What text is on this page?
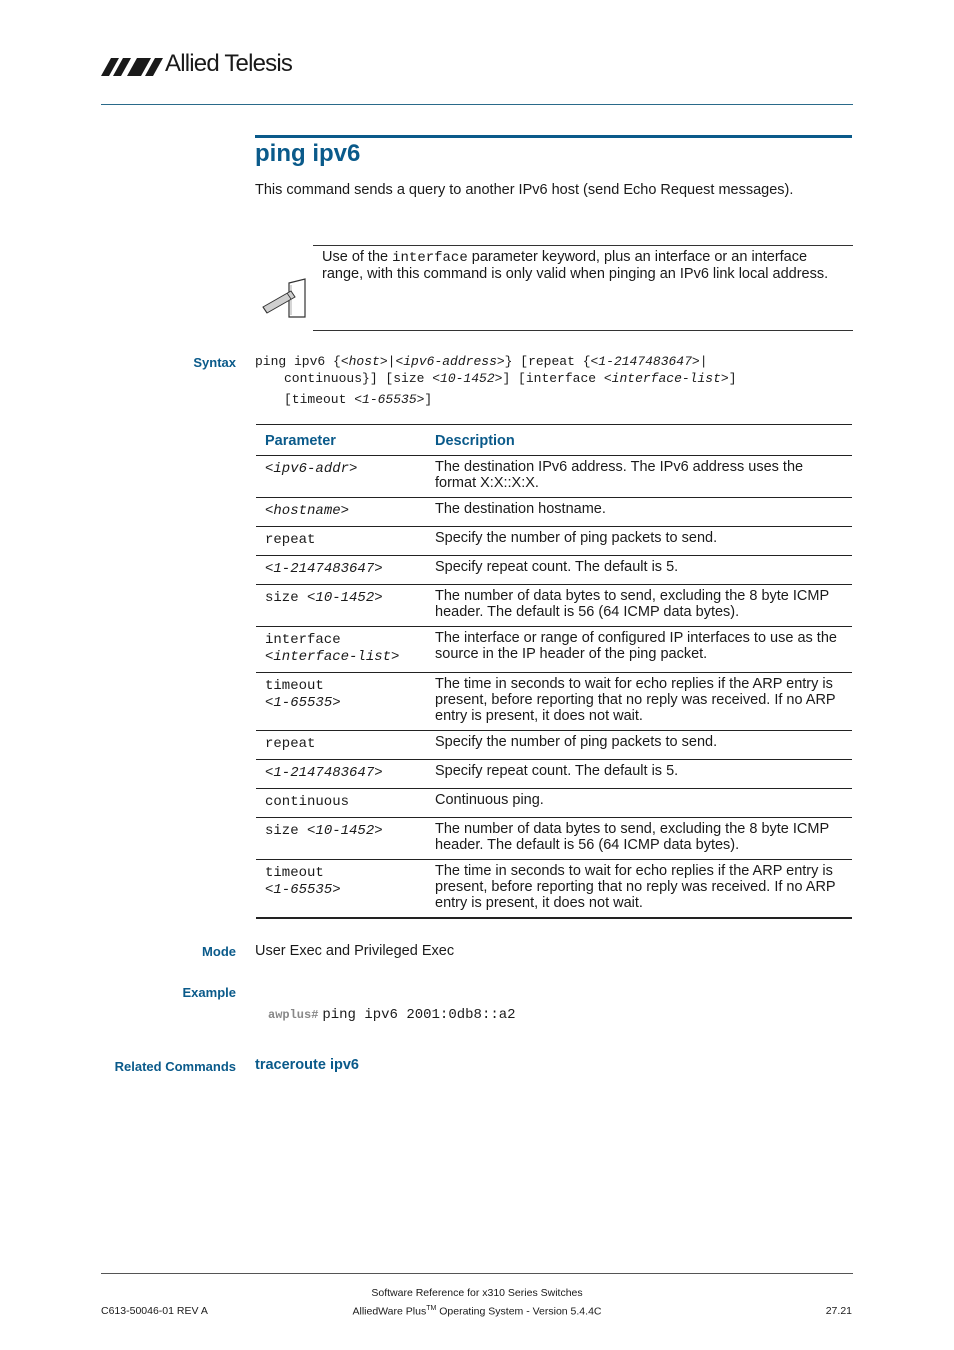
Allied Telesis
ping ipv6
This command sends a query to another IPv6 host (send Echo Request messages).
Use of the interface parameter keyword, plus an interface or an interface
range, with this command is only valid when pinging an IPv6 link local address.
Syntax ping ipv6 {<host>|<ipv6-address>} [repeat {<1-2147483647>|
continuous}] [size <10-1452>] [interface <interface-list>]
[timeout <1-65535>]
Parameter	Description
<ipv6-addr>	The destination IPv6 address. The IPv6 address uses the format X:X::X:X.
<hostname>	The destination hostname.
repeat	Specify the number of ping packets to send.
<1-2147483647>	Specify repeat count. The default is 5.
size <10-1452>	The number of data bytes to send, excluding the 8 byte ICMP header. The default is 56 (64 ICMP data bytes).
interface
<interface-list>	The interface or range of configured IP interfaces to use as the source in the IP header of the ping packet.
timeout
<1-65535>	The time in seconds to wait for echo replies if the ARP entry is present, before reporting that no reply was received. If no ARP entry is present, it does not wait.
repeat	Specify the number of ping packets to send.
<1-2147483647>	Specify repeat count. The default is 5.
continuous	Continuous ping.
size <10-1452>	The number of data bytes to send, excluding the 8 byte ICMP header. The default is 56 (64 ICMP data bytes).
timeout
<1-65535>	The time in seconds to wait for echo replies if the ARP entry is present, before reporting that no reply was received. If no ARP entry is present, it does not wait.
Mode User Exec and Privileged Exec
Example
awplus# ping ipv6 2001:0db8::a2
Related Commands traceroute ipv6
Software Reference for x310 Series Switches
AlliedWare Plus™ Operating System - Version 5.4.4C
C613-50046-01 REV A	27.21
